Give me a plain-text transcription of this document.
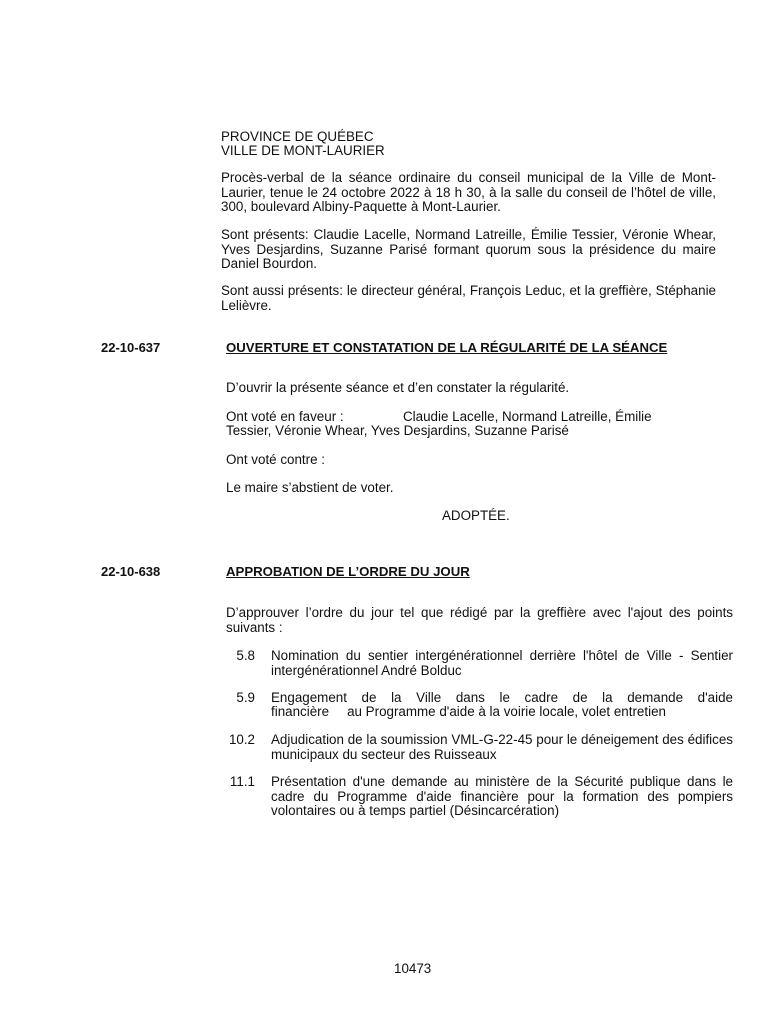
PROVINCE DE QUÉBEC
VILLE DE MONT-LAURIER
Procès-verbal de la séance ordinaire du conseil municipal de la Ville de Mont-Laurier, tenue le 24 octobre 2022 à 18 h 30, à la salle du conseil de l’hôtel de ville, 300, boulevard Albiny-Paquette à Mont-Laurier.
Sont présents: Claudie Lacelle, Normand Latreille, Émilie Tessier, Véronie Whear, Yves Desjardins, Suzanne Parisé formant quorum sous la présidence du maire Daniel Bourdon.
Sont aussi présents: le directeur général, François Leduc, et la greffière, Stéphanie Lelièvre.
22-10-637	OUVERTURE ET CONSTATATION DE LA RÉGULARITÉ DE LA SÉANCE
D’ouvrir la présente séance et d’en constater la régularité.
Ont voté en faveur :	Claudie Lacelle, Normand Latreille, Émilie
Tessier, Véronie Whear, Yves Desjardins, Suzanne Parisé
Ont voté contre :
Le maire s’abstient de voter.
ADOPTÉE.
22-10-638	APPROBATION DE L’ORDRE DU JOUR
D’approuver l’ordre du jour tel que rédigé par la greffière avec l'ajout des points suivants :
5.8 Nomination du sentier intergénérationnel derrière l'hôtel de Ville - Sentier intergénérationnel André Bolduc
5.9 Engagement de la Ville dans le cadre de la demande d'aide
financière au Programme d'aide à la voirie locale, volet entretien
10.2 Adjudication de la soumission VML-G-22-45 pour le déneigement des édifices municipaux du secteur des Ruisseaux
11.1 Présentation d'une demande au ministère de la Sécurité publique dans le cadre du Programme d'aide financière pour la formation des pompiers volontaires ou à temps partiel (Désincarcération)
10473
